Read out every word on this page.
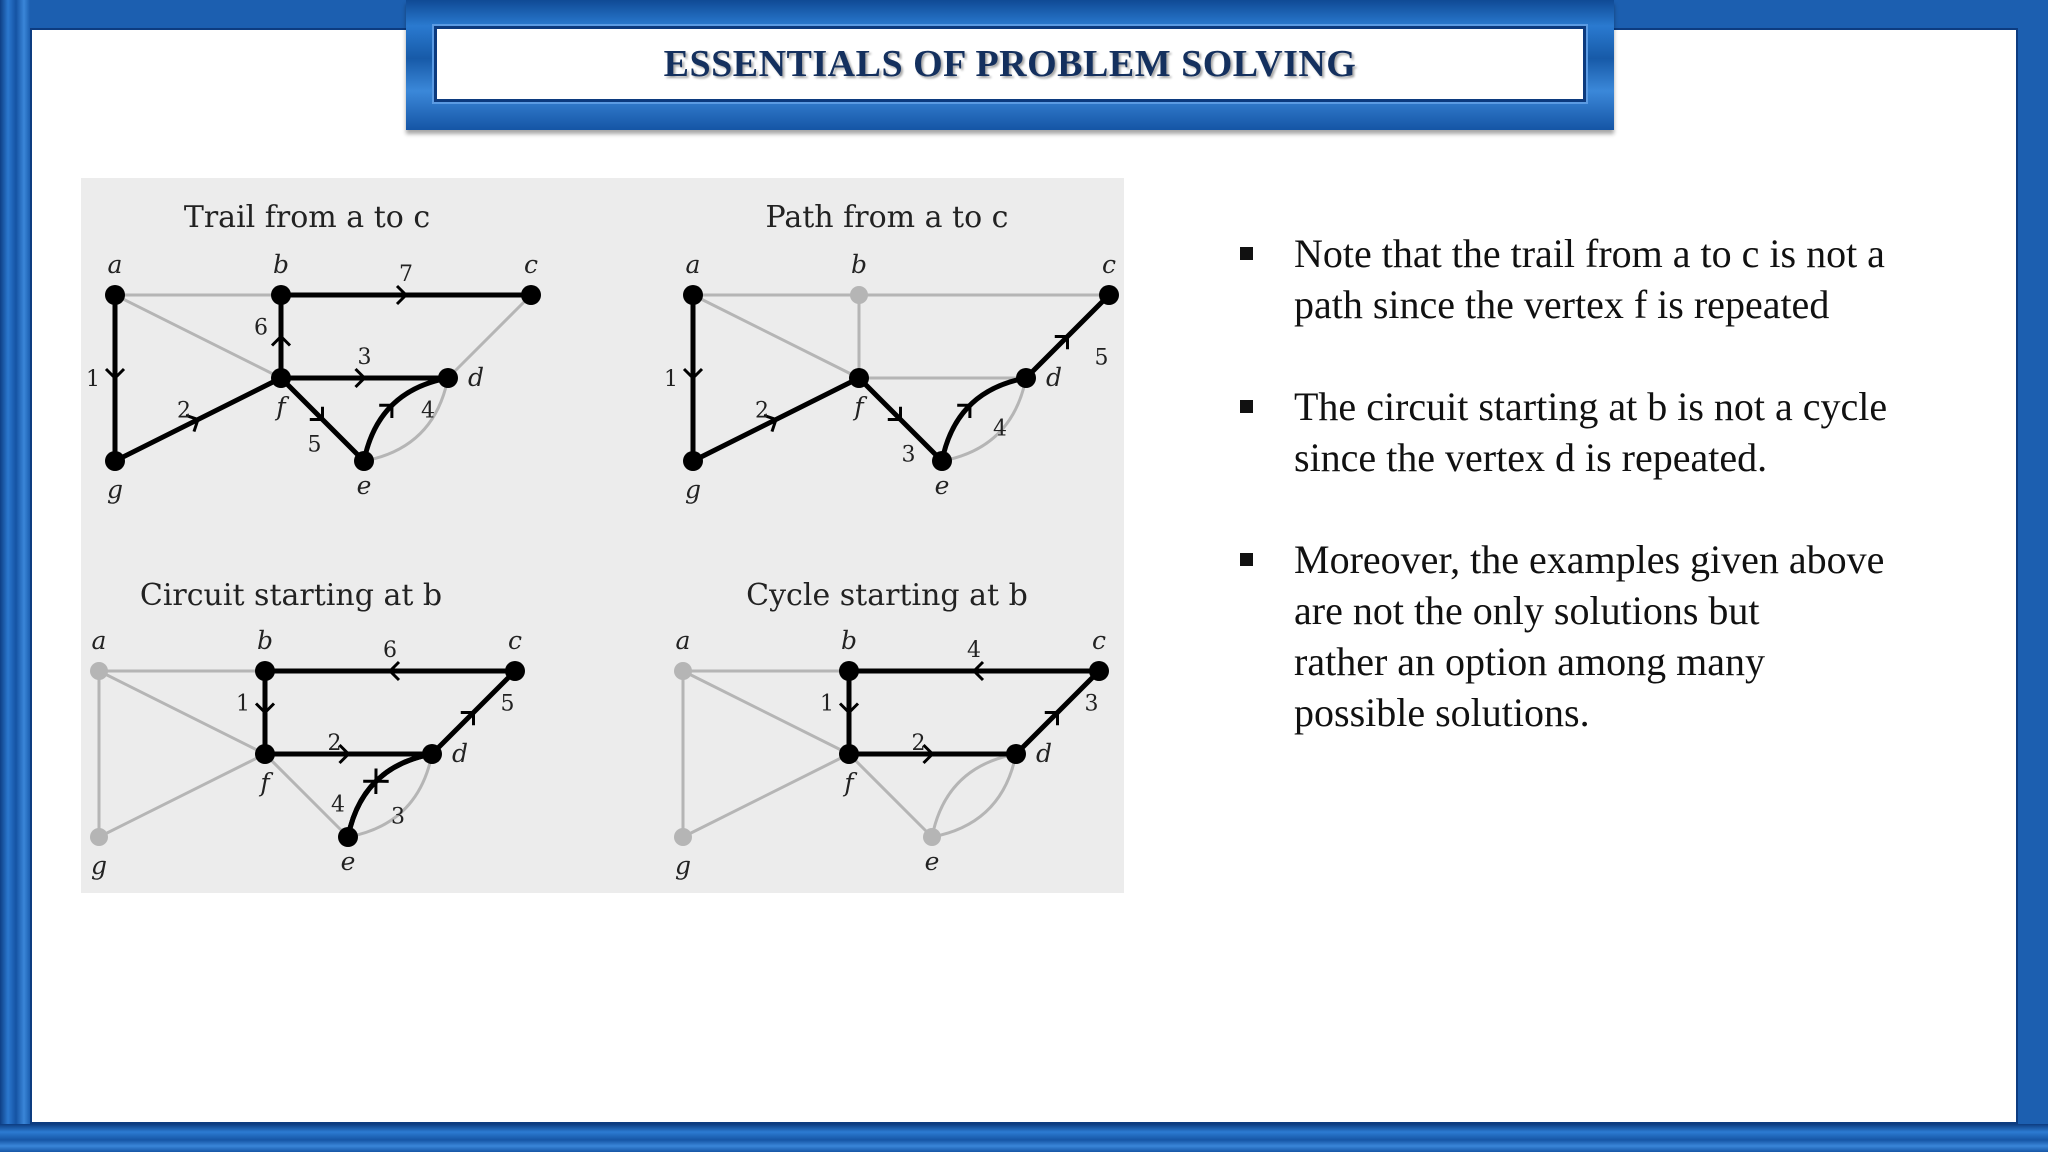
ESSENTIALS OF PROBLEM SOLVING
Trail from a to c
1
2
5
4
3
6
7
a	b	c
d
e
f
g
Path from a to c
1
2
3
4
5
a	b	c
d
e
f
g
Circuit starting at b
1
2
3
4
5
6
a	b	c
d
e
f
g
Cycle starting at b
1
2
3
4
a	b	c
d
e
f
g
Note that the trail from a to c is not a
path since the vertex f is repeated
The circuit starting at b is not a cycle
since the vertex d is repeated.
Moreover, the examples given above
are not the only solutions but
rather an option among many
possible solutions.
